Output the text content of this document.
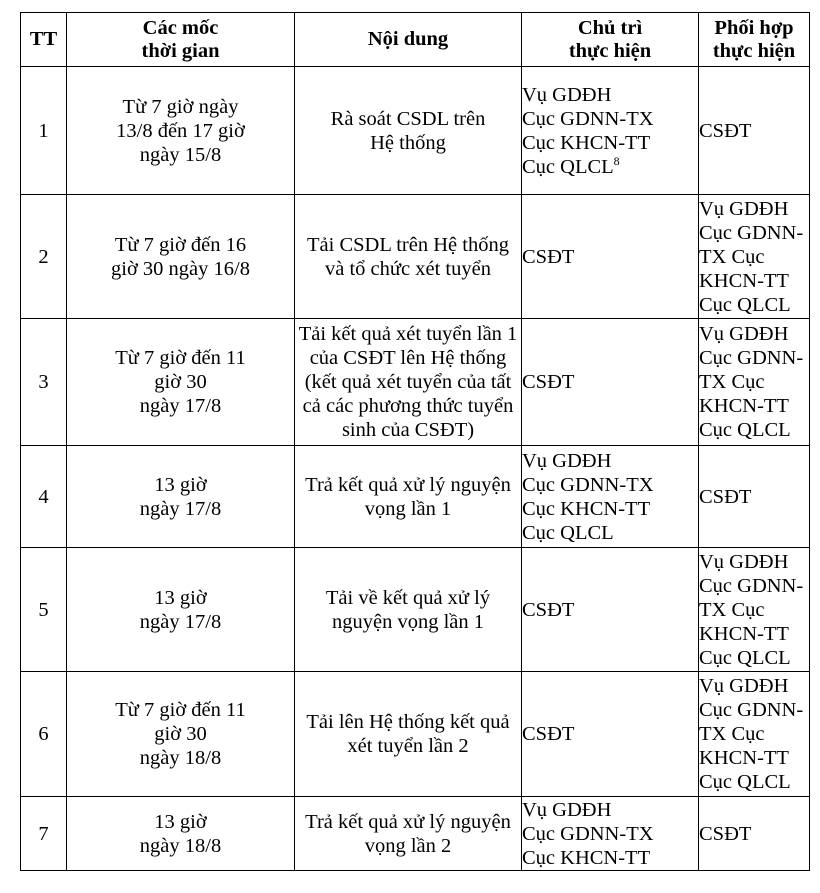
TT	Các mốc
thời gian	Nội dung	Chủ trì
thực hiện	Phối hợp
thực hiện

1	Từ 7 giờ ngày
13/8 đến 17 giờ
ngày 15/8	Rà soát CSDL trên
Hệ thống	Vụ GDĐH
Cục GDNN-TX
Cục KHCN-TT
Cục QLCL$^8$	CSĐT

2	Từ 7 giờ đến 16
giờ 30 ngày 16/8	Tải CSDL trên Hệ thống
và tổ chức xét tuyển	CSĐT	Vụ GDĐH
Cục GDNN-
TX Cục
KHCN-TT
Cục QLCL

3	Từ 7 giờ đến 11
giờ 30
ngày 17/8	Tải kết quả xét tuyển lần 1
của CSĐT lên Hệ thống
(kết quả xét tuyển của tất
cả các phương thức tuyển
sinh của CSĐT)	CSĐT	Vụ GDĐH
Cục GDNN-
TX Cục
KHCN-TT
Cục QLCL

4	13 giờ
ngày 17/8	Trả kết quả xử lý nguyện
vọng lần 1	Vụ GDĐH
Cục GDNN-TX
Cục KHCN-TT
Cục QLCL	CSĐT

5	13 giờ
ngày 17/8	Tải về kết quả xử lý
nguyện vọng lần 1	CSĐT	Vụ GDĐH
Cục GDNN-
TX Cục
KHCN-TT
Cục QLCL

6	Từ 7 giờ đến 11
giờ 30
ngày 18/8	Tải lên Hệ thống kết quả
xét tuyển lần 2	CSĐT	Vụ GDĐH
Cục GDNN-
TX Cục
KHCN-TT
Cục QLCL

7	13 giờ
ngày 18/8	Trả kết quả xử lý nguyện
vọng lần 2	Vụ GDĐH
Cục GDNN-TX
Cục KHCN-TT	CSĐT
